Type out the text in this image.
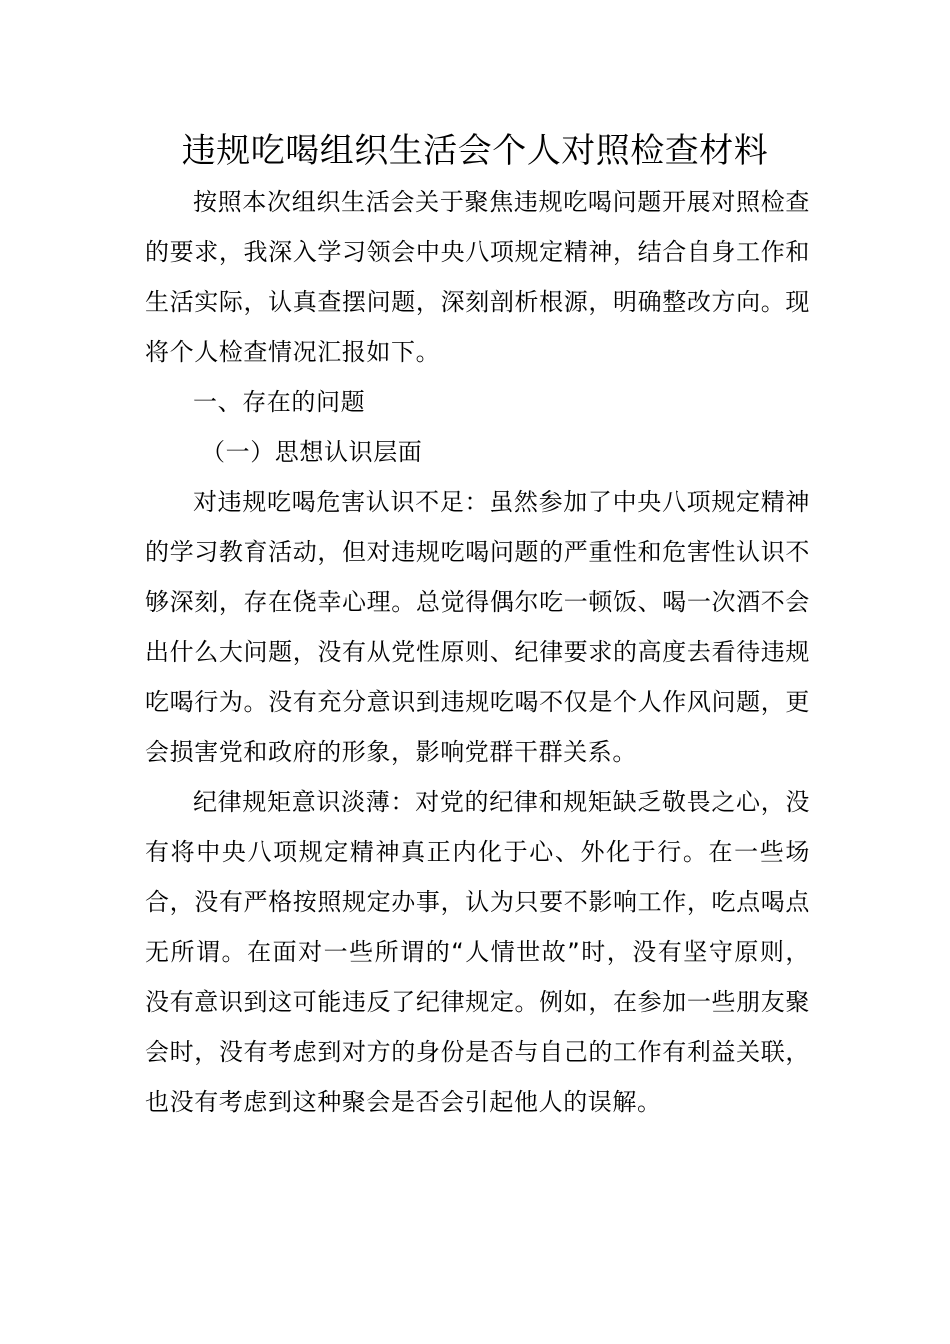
违规吃喝组织生活会个人对照检查材料

按照本次组织生活会关于聚焦违规吃喝问题开展对照检查的要求，我深入学习领会中央八项规定精神，结合自身工作和生活实际，认真查摆问题，深刻剖析根源，明确整改方向。现将个人检查情况汇报如下。

一、存在的问题

（一）思想认识层面

对违规吃喝危害认识不足：虽然参加了中央八项规定精神的学习教育活动，但对违规吃喝问题的严重性和危害性认识不够深刻，存在侥幸心理。总觉得偶尔吃一顿饭、喝一次酒不会出什么大问题，没有从党性原则、纪律要求的高度去看待违规吃喝行为。没有充分意识到违规吃喝不仅是个人作风问题，更会损害党和政府的形象，影响党群干群关系。

纪律规矩意识淡薄：对党的纪律和规矩缺乏敬畏之心，没有将中央八项规定精神真正内化于心、外化于行。在一些场合，没有严格按照规定办事，认为只要不影响工作，吃点喝点无所谓。在面对一些所谓的“人情世故”时，没有坚守原则，没有意识到这可能违反了纪律规定。例如，在参加一些朋友聚会时，没有考虑到对方的身份是否与自己的工作有利益关联，也没有考虑到这种聚会是否会引起他人的误解。
